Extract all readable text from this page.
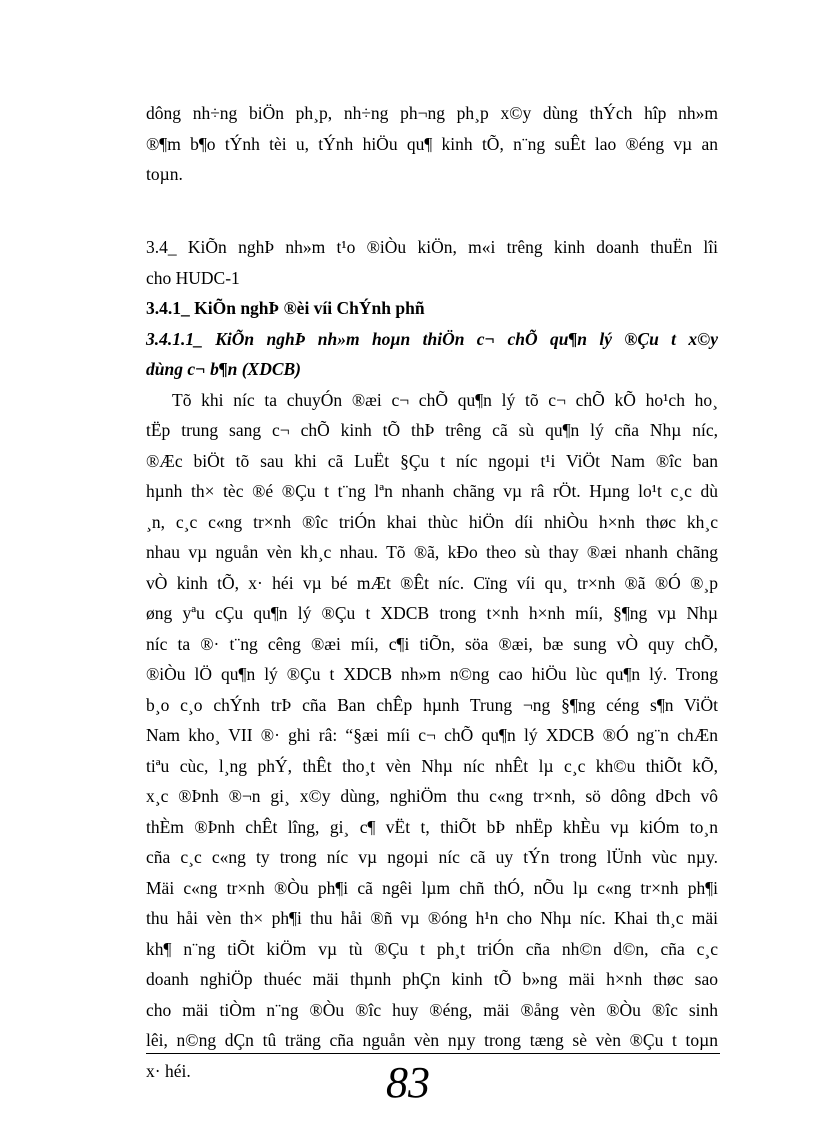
dông nh÷ng biÖn ph¸p, nh÷ng ph¬ng ph¸p x©y dùng thÝch hîp nh»m
®¶m b¶o tÝnh tèi u, tÝnh hiÖu qu¶ kinh tÕ, n¨ng suÊt lao ®éng vµ an
toµn.
3.4_ KiÕn nghÞ nh»m t¹o ®iÒu kiÖn, m«i trêng kinh doanh thuËn lîi
cho HUDC-1
3.4.1_ KiÕn nghÞ ®èi víi ChÝnh phñ
3.4.1.1_ KiÕn nghÞ nh»m hoµn thiÖn c¬ chÕ qu¶n lý ®Çu t x©y
dùng c¬ b¶n (XDCB)
Tõ khi níc ta chuyÓn ®æi c¬ chÕ qu¶n lý tõ c¬ chÕ kÕ ho¹ch ho¸
tËp trung sang c¬ chÕ kinh tÕ thÞ trêng cã sù qu¶n lý cña Nhµ níc,
®Æc biÖt tõ sau khi cã LuËt §Çu t níc ngoµi t¹i ViÖt Nam ®îc ban
hµnh th× tèc ®é ®Çu t t¨ng lªn nhanh chãng vµ râ rÖt. Hµng lo¹t c¸c dù
¸n, c¸c c«ng tr×nh ®îc triÓn khai thùc hiÖn díi nhiÒu h×nh thøc kh¸c
nhau vµ nguån vèn kh¸c nhau. Tõ ®ã, kÐo theo sù thay ®æi nhanh chãng
vÒ kinh tÕ, x· héi vµ bé mÆt ®Êt níc. Cïng víi qu¸ tr×nh ®ã ®Ó ®¸p
øng yªu cÇu qu¶n lý ®Çu t XDCB trong t×nh h×nh míi, §¶ng vµ Nhµ
níc ta ®· t¨ng cêng ®æi míi, c¶i tiÕn, söa ®æi, bæ sung vÒ quy chÕ,
®iÒu lÖ qu¶n lý ®Çu t XDCB nh»m n©ng cao hiÖu lùc qu¶n lý. Trong
b¸o c¸o chÝnh trÞ cña Ban chÊp hµnh Trung ¬ng §¶ng céng s¶n ViÖt
Nam kho¸ VII ®· ghi râ: “§æi míi c¬ chÕ qu¶n lý XDCB ®Ó ng¨n chÆn
tiªu cùc, l¸ng phÝ, thÊt tho¸t vèn Nhµ níc nhÊt lµ c¸c kh©u thiÕt kÕ,
x¸c ®Þnh ®¬n gi¸ x©y dùng, nghiÖm thu c«ng tr×nh, sö dông dÞch vô
thÈm ®Þnh chÊt lîng, gi¸ c¶ vËt t, thiÕt bÞ nhËp khÈu vµ kiÓm to¸n
cña c¸c c«ng ty trong níc vµ ngoµi níc cã uy tÝn trong lÜnh vùc nµy.
Mäi c«ng tr×nh ®Òu ph¶i cã ngêi lµm chñ thÓ, nÕu lµ c«ng tr×nh ph¶i
thu håi vèn th× ph¶i thu håi ®ñ vµ ®óng h¹n cho Nhµ níc. Khai th¸c mäi
kh¶ n¨ng tiÕt kiÖm vµ tù ®Çu t ph¸t triÓn cña nh©n d©n, cña c¸c
doanh nghiÖp thuéc mäi thµnh phÇn kinh tÕ b»ng mäi h×nh thøc sao
cho mäi tiÒm n¨ng ®Òu ®îc huy ®éng, mäi ®ång vèn ®Òu ®îc sinh
lêi, n©ng dÇn tû träng cña nguån vèn nµy trong tæng sè vèn ®Çu t toµn
x· héi.	83
